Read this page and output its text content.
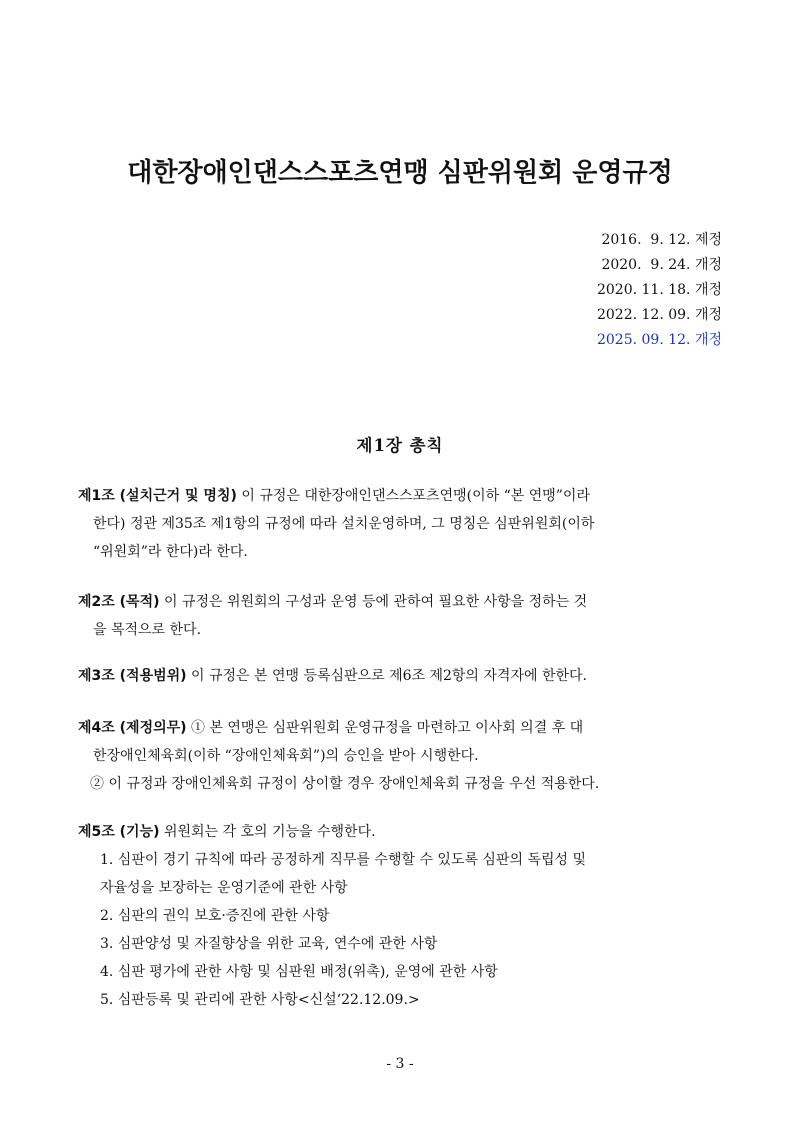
대한장애인댄스스포츠연맹 심판위원회 운영규정
2016.  9. 12. 제정
2020.  9. 24. 개정
2020. 11. 18. 개정
2022. 12. 09. 개정
2025. 09. 12. 개정
제1장 총칙
제1조 (설치근거 및 명칭) 이 규정은 대한장애인댄스스포츠연맹(이하 “본 연맹”이라
한다) 정관 제35조 제1항의 규정에 따라 설치운영하며, 그 명칭은 심판위원회(이하
“위원회”라 한다)라 한다.
제2조 (목적) 이 규정은 위원회의 구성과 운영 등에 관하여 필요한 사항을 정하는 것
을 목적으로 한다.
제3조 (적용범위) 이 규정은 본 연맹 등록심판으로 제6조 제2항의 자격자에 한한다.
제4조 (제정의무) ① 본 연맹은 심판위원회 운영규정을 마련하고 이사회 의결 후 대
한장애인체육회(이하 “장애인체육회”)의 승인을 받아 시행한다.
② 이 규정과 장애인체육회 규정이 상이할 경우 장애인체육회 규정을 우선 적용한다.
제5조 (기능) 위원회는 각 호의 기능을 수행한다.
1. 심판이 경기 규칙에 따라 공정하게 직무를 수행할 수 있도록 심판의 독립성 및
자율성을 보장하는 운영기준에 관한 사항
2. 심판의 권익 보호·증진에 관한 사항
3. 심판양성 및 자질향상을 위한 교육, 연수에 관한 사항
4. 심판 평가에 관한 사항 및 심판원 배정(위촉), 운영에 관한 사항
5. 심판등록 및 관리에 관한 사항<신설‘22.12.09.>
- 3 -
